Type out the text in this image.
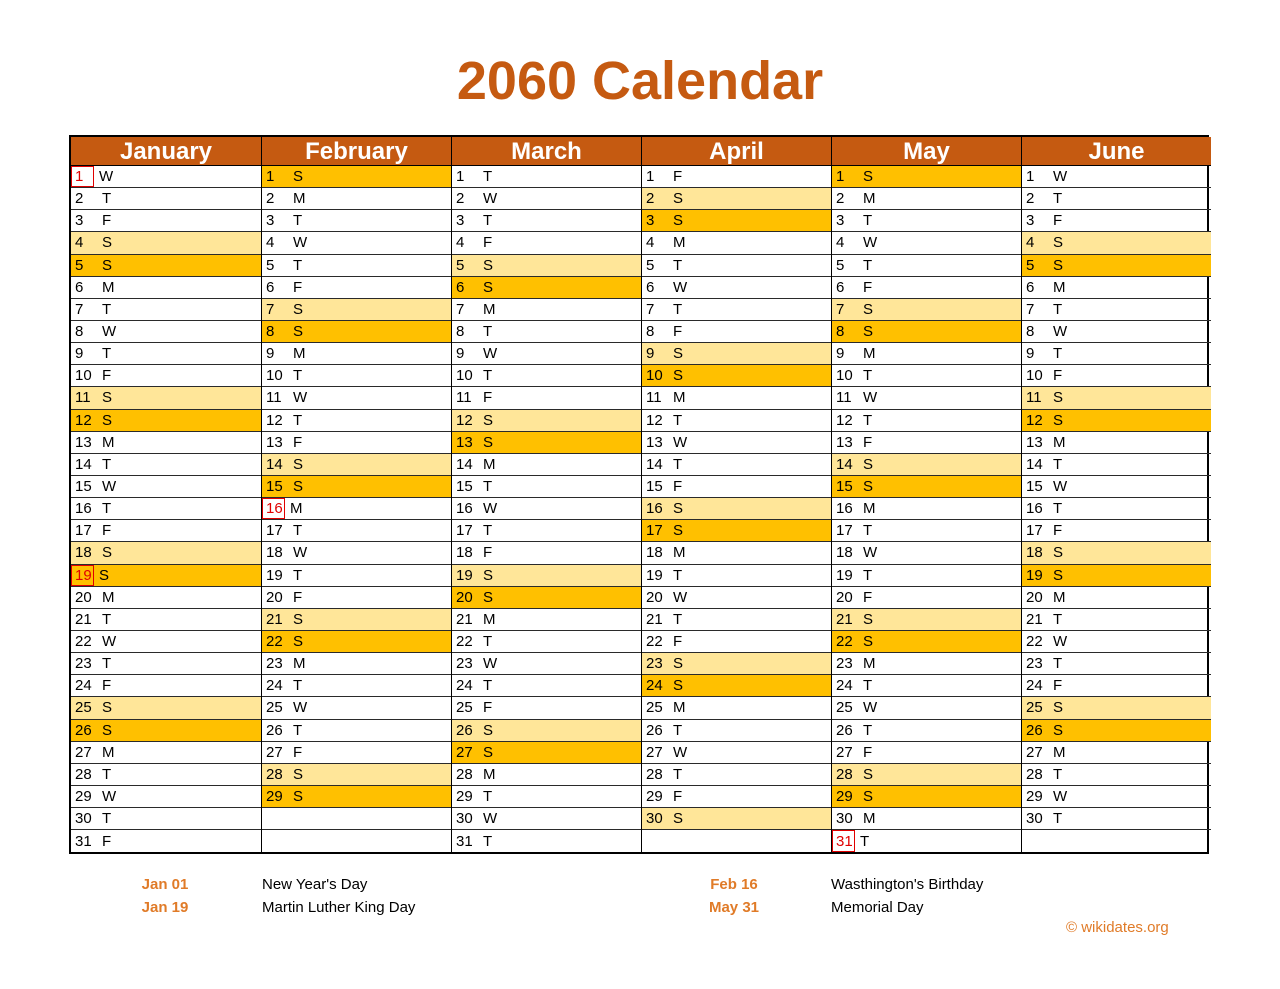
2060 Calendar
January
1	W
2	T
3	F
4	S
5	S
6	M
7	T
8	W
9	T
10 F
11 S
12 S
13 M
14 T
15 W
16 T
17 F
18 S
19 S
20 M
21 T
22 W
23 T
24 F
25 S
26 S
27 M
28 T
29 W
30 T
31 F
February
1	S
2	M
3	T
4	W
5	T
6	F
7	S
8	S
9	M
10 T
11 W
12 T
13 F
14 S
15 S
16 M
17 T
18 W
19 T
20 F
21 S
22 S
23 M
24 T
25 W
26 T
27 F
28 S
29 S
March
1	T
2	W
3	T
4	F
5	S
6	S
7	M
8	T
9	W
10 T
11 F
12 S
13 S
14 M
15 T
16 W
17 T
18 F
19 S
20 S
21 M
22 T
23 W
24 T
25 F
26 S
27 S
28 M
29 T
30 W
31 T
April
1	F
2	S
3	S
4	M
5	T
6	W
7	T
8	F
9	S
10 S
11 M
12 T
13 W
14 T
15 F
16 S
17 S
18 M
19 T
20 W
21 T
22 F
23 S
24 S
25 M
26 T
27 W
28 T
29 F
30 S
May
1	S
2	M
3	T
4	W
5	T
6	F
7	S
8	S
9	M
10 T
11 W
12 T
13 F
14 S
15 S
16 M
17 T
18 W
19 T
20 F
21 S
22 S
23 M
24 T
25 W
26 T
27 F
28 S
29 S
30 M
31 T
June
1	W
2	T
3	F
4	S
5	S
6	M
7	T
8	W
9	T
10 F
11 S
12 S
13 M
14 T
15 W
16 T
17 F
18 S
19 S
20 M
21 T
22 W
23 T
24 F
25 S
26 S
27 M
28 T
29 W
30 T
Jan 01	New Year's Day
Jan 19	Martin Luther King Day
Feb 16	Wasthington's Birthday
May 31	Memorial Day
© wikidates.org
